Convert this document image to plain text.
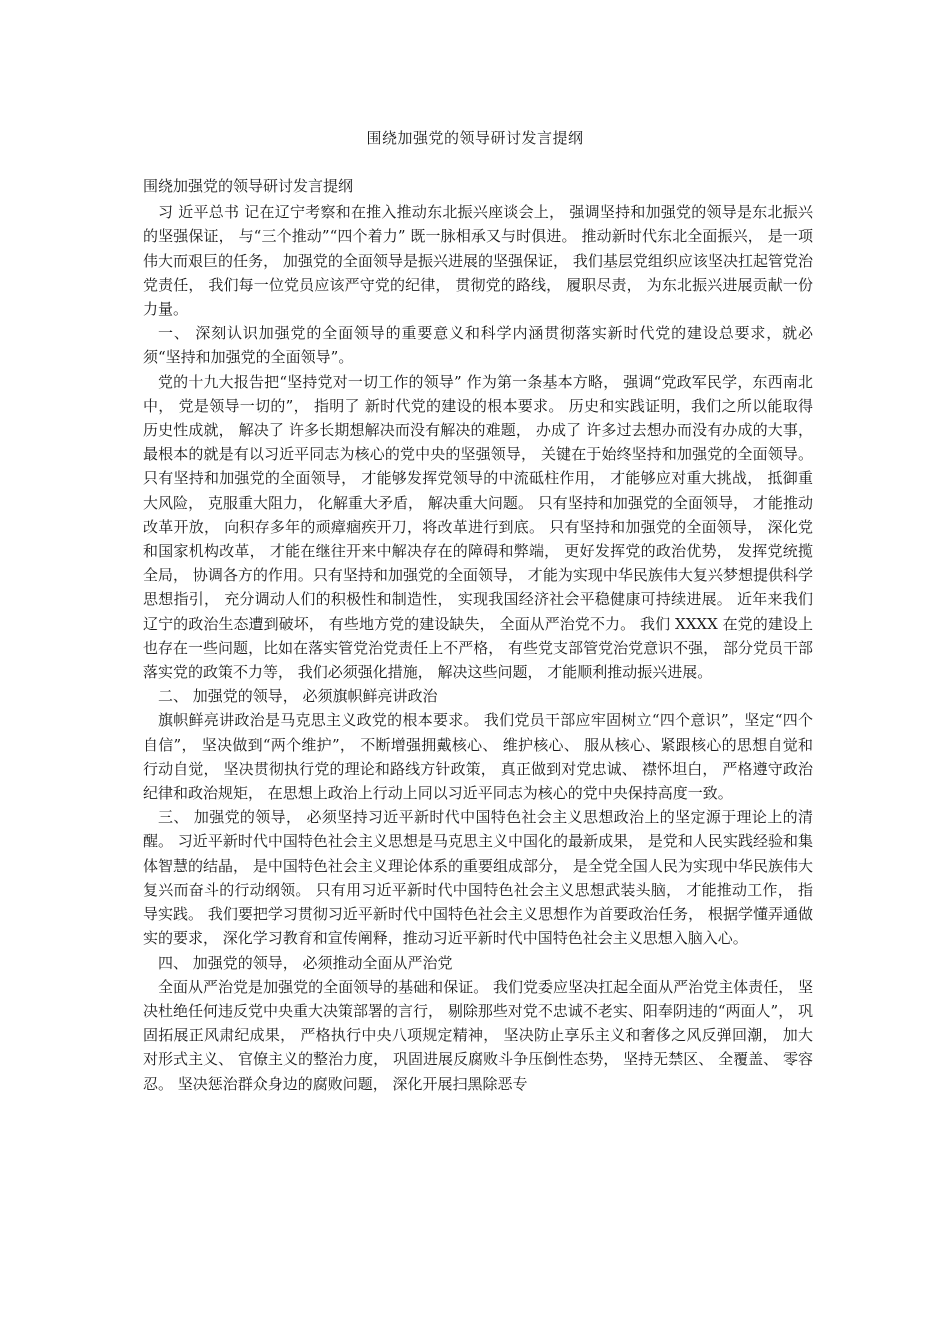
围绕加强党的领导研讨发言提纲

围绕加强党的领导研讨发言提纲

习 近平总书 记在辽宁考察和在推入推动东北振兴座谈会上， 强调坚持和加强党的领导是东北振兴的坚强保证， 与“三个推动”“四个着力” 既一脉相承又与时俱进。 推动新时代东北全面振兴， 是一项伟大而艰巨的任务， 加强党的全面领导是振兴进展的坚强保证， 我们基层党组织应该坚决扛起管党治党责任， 我们每一位党员应该严守党的纪律， 贯彻党的路线， 履职尽责， 为东北振兴进展贡献一份力量。

一、 深刻认识加强党的全面领导的重要意义和科学内涵贯彻落实新时代党的建设总要求，就必须“坚持和加强党的全面领导”。

党的十九大报告把“坚持党对一切工作的领导” 作为第一条基本方略， 强调“党政军民学，东西南北中， 党是领导一切的”， 指明了 新时代党的建设的根本要求。 历史和实践证明，我们之所以能取得历史性成就， 解决了 许多长期想解决而没有解决的难题， 办成了 许多过去想办而没有办成的大事， 最根本的就是有以习近平同志为核心的党中央的坚强领导， 关键在于始终坚持和加强党的全面领导。 只有坚持和加强党的全面领导， 才能够发挥党领导的中流砥柱作用， 才能够应对重大挑战， 抵御重大风险， 克服重大阻力， 化解重大矛盾， 解决重大问题。 只有坚持和加强党的全面领导， 才能推动改革开放， 向积存多年的顽瘴痼疾开刀，将改革进行到底。 只有坚持和加强党的全面领导， 深化党和国家机构改革， 才能在继往开来中解决存在的障碍和弊端， 更好发挥党的政治优势， 发挥党统揽全局， 协调各方的作用。只有坚持和加强党的全面领导， 才能为实现中华民族伟大复兴梦想提供科学思想指引， 充分调动人们的积极性和制造性， 实现我国经济社会平稳健康可持续进展。 近年来我们辽宁的政治生态遭到破坏， 有些地方党的建设缺失， 全面从严治党不力。 我们 XXXX 在党的建设上也存在一些问题，比如在落实管党治党责任上不严格， 有些党支部管党治党意识不强， 部分党员干部落实党的政策不力等， 我们必须强化措施， 解决这些问题， 才能顺利推动振兴进展。

二、 加强党的领导， 必须旗帜鲜亮讲政治

旗帜鲜亮讲政治是马克思主义政党的根本要求。 我们党员干部应牢固树立“四个意识”，坚定“四个自信”， 坚决做到“两个维护”， 不断增强拥戴核心、 维护核心、 服从核心、紧跟核心的思想自觉和行动自觉， 坚决贯彻执行党的理论和路线方针政策， 真正做到对党忠诚、 襟怀坦白， 严格遵守政治纪律和政治规矩， 在思想上政治上行动上同以习近平同志为核心的党中央保持高度一致。

三、 加强党的领导， 必须坚持习近平新时代中国特色社会主义思想政治上的坚定源于理论上的清醒。 习近平新时代中国特色社会主义思想是马克思主义中国化的最新成果， 是党和人民实践经验和集体智慧的结晶， 是中国特色社会主义理论体系的重要组成部分， 是全党全国人民为实现中华民族伟大复兴而奋斗的行动纲领。 只有用习近平新时代中国特色社会主义思想武装头脑， 才能推动工作， 指导实践。 我们要把学习贯彻习近平新时代中国特色社会主义思想作为首要政治任务， 根据学懂弄通做实的要求， 深化学习教育和宣传阐释，推动习近平新时代中国特色社会主义思想入脑入心。

四、 加强党的领导， 必须推动全面从严治党

全面从严治党是加强党的全面领导的基础和保证。 我们党委应坚决扛起全面从严治党主体责任， 坚决杜绝任何违反党中央重大决策部署的言行， 剔除那些对党不忠诚不老实、阳奉阴违的“两面人”， 巩固拓展正风肃纪成果， 严格执行中央八项规定精神， 坚决防止享乐主义和奢侈之风反弹回潮， 加大对形式主义、 官僚主义的整治力度， 巩固进展反腐败斗争压倒性态势， 坚持无禁区、 全覆盖、 零容忍。 坚决惩治群众身边的腐败问题， 深化开展扫黑除恶专
